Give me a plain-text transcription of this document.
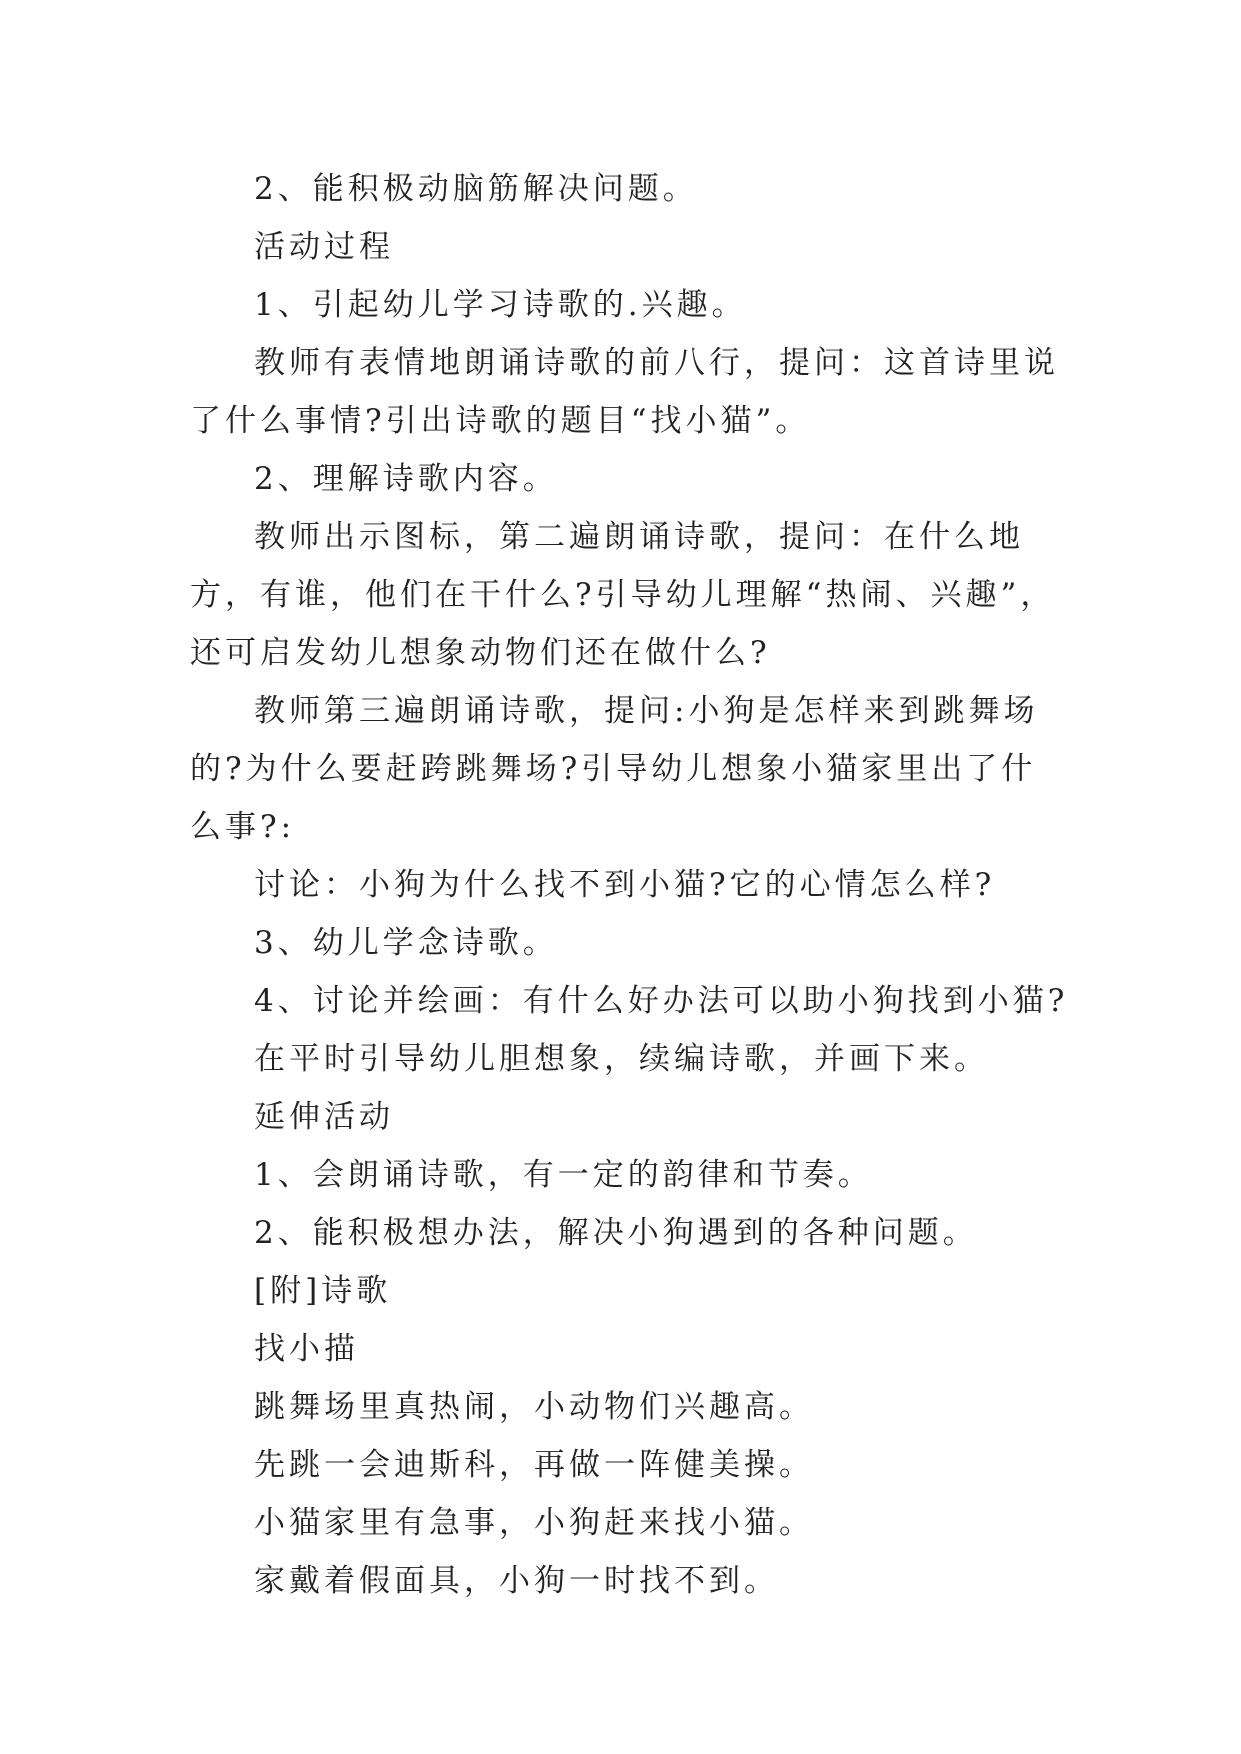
2、能积极动脑筋解决问题。

活动过程

1、引起幼儿学习诗歌的.兴趣。

教师有表情地朗诵诗歌的前八行，提问：这首诗里说了什么事情?引出诗歌的题目“找小猫”。

2、理解诗歌内容。

教师出示图标，第二遍朗诵诗歌，提问：在什么地方，有谁，他们在干什么?引导幼儿理解“热闹、兴趣”，还可启发幼儿想象动物们还在做什么?

教师第三遍朗诵诗歌，提问:小狗是怎样来到跳舞场的?为什么要赶跨跳舞场?引导幼儿想象小猫家里出了什么事?:

讨论：小狗为什么找不到小猫?它的心情怎么样?

3、幼儿学念诗歌。

4、讨论并绘画：有什么好办法可以助小狗找到小猫?

在平时引导幼儿胆想象，续编诗歌，并画下来。

延伸活动

1、会朗诵诗歌，有一定的韵律和节奏。

2、能积极想办法，解决小狗遇到的各种问题。

[附]诗歌

找小描

跳舞场里真热闹，小动物们兴趣高。

先跳一会迪斯科，再做一阵健美操。

小猫家里有急事，小狗赶来找小猫。

家戴着假面具，小狗一时找不到。
